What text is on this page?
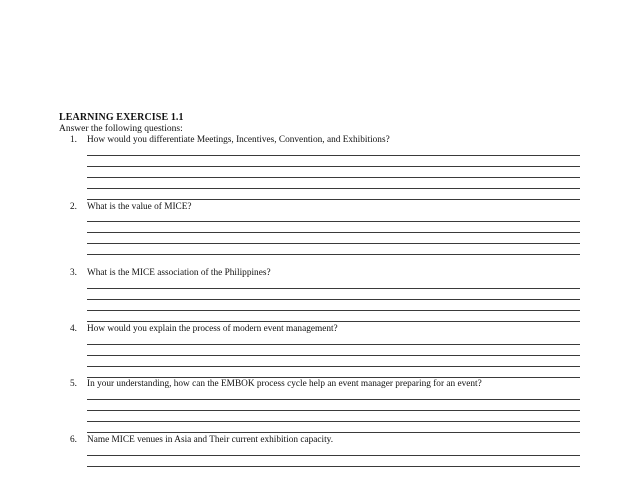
LEARNING EXERCISE 1.1
Answer the following questions:
1. How would you differentiate Meetings, Incentives, Convention, and Exhibitions?
2. What is the value of MICE?
3. What is the MICE association of the Philippines?
4. How would you explain the process of modern event management?
5. In your understanding, how can the EMBOK process cycle help an event manager preparing for an event?
6. Name MICE venues in Asia and Their current exhibition capacity.
